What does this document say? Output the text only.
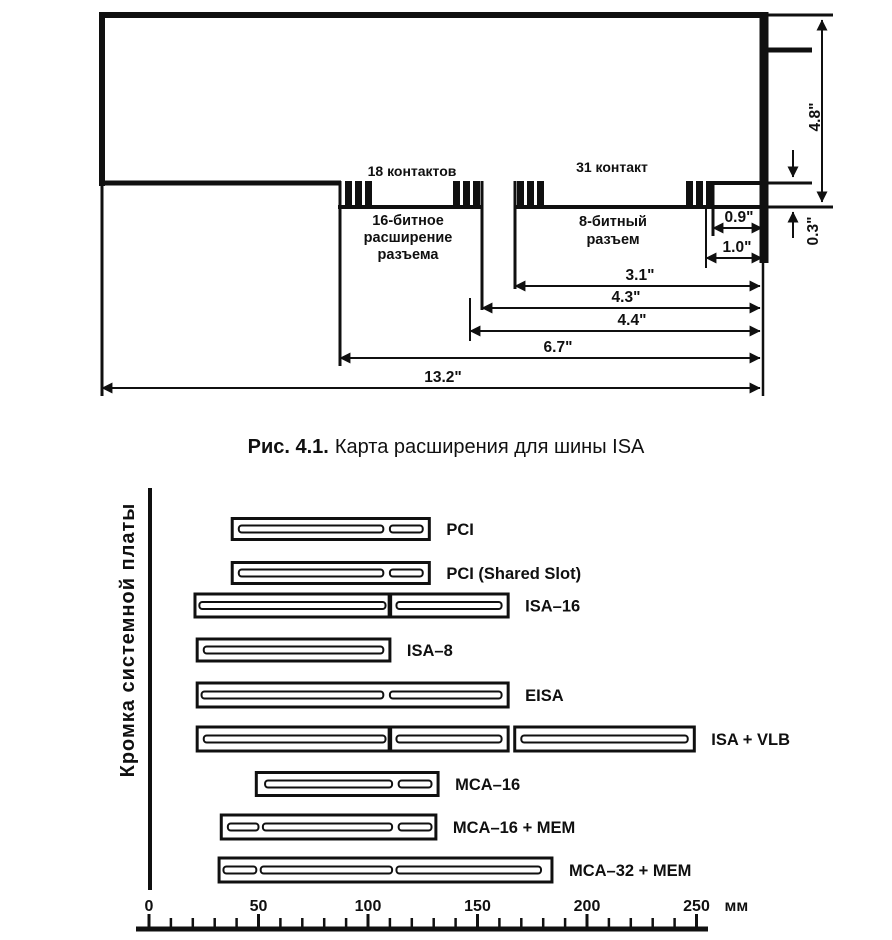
18 контактов	31 контакт
16-битное
расширение
разъема
8-битный
разъем
0.9"
1.0"
3.1"
4.3"
4.4"
6.7"
13.2"
4.8"
0.3"
Рис. 4.1. Карта расширения для шины ISA
0	50	100	150	200	250 мм
Кромка системной платы	PCI
PCI (Shared Slot)
ISA–16
ISA–8
EISA
ISA + VLB
MCA–16
MCA–16 + MEM
MCA–32 + MEM
